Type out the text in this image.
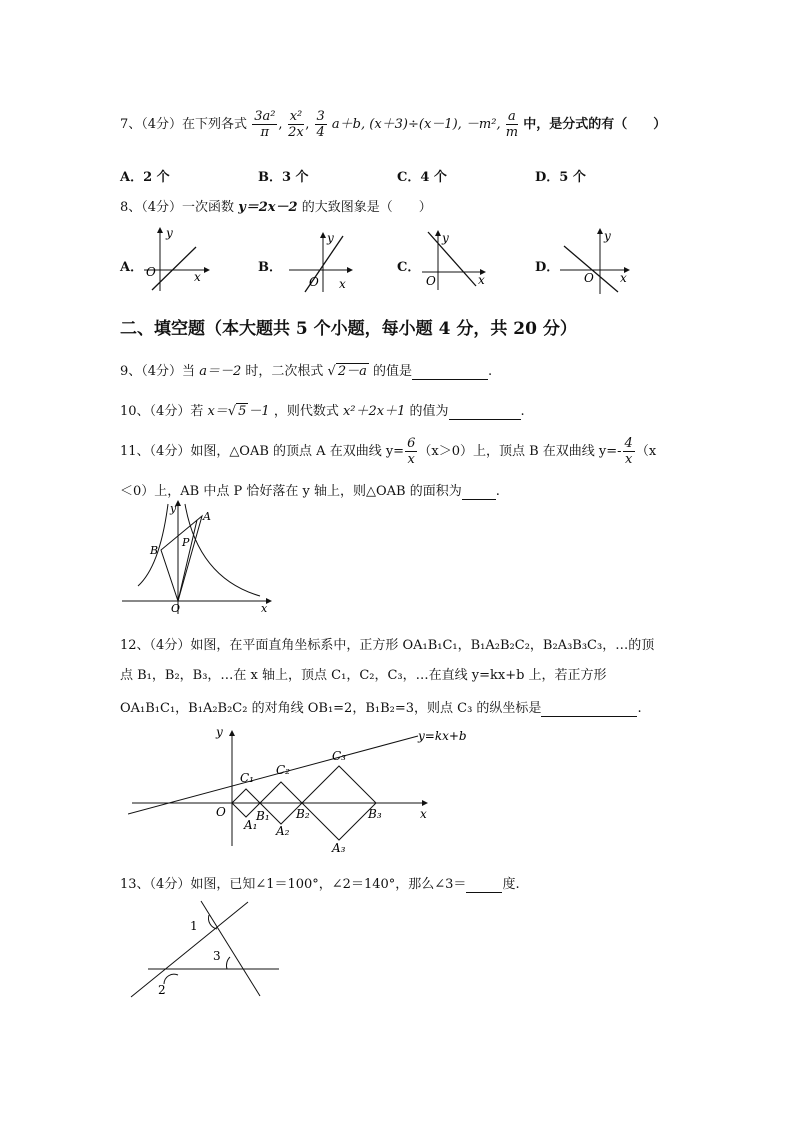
7、（4分）在下列各式 $\frac{\text{3a²}}{\pi}$ , $\frac{\text{x²}}{2x}$ , $\frac{3}{4} a+b$, (x＋3)÷(x－1), －m², $\frac{a}{m}$ 中，是分式的有（　　）
A．2 个	B．3 个	C．4 个	D．5 个
8、（4分）一次函数 y＝2x－2 的大致图象是（　　）
A．	B．	C．	D．
y
O	x
y
O x
y
O	x
y
O x
二、填空题（本大题共 5 个小题，每小题 4 分，共 20 分）
9、（4分）当 a＝－2 时，二次根式 √ 2－a 的值是	.
10、（4分）若 x＝√ 5 －1 ，则代数式 x²＋2x＋1 的值为	.
11、（4分）如图，△OAB 的顶点 A 在双曲线 $y= \frac{6}{x} (x>0)$上，顶点 B 在双曲线 $y=- \frac{4}{x} (x$
＜0）上，AB 中点 P 恰好落在 y 轴上，则△OAB 的面积为	.
y
x
O
A
B
P
12、（4分）如图，在平面直角坐标系中，正方形 OA₁B₁C₁，B₁A₂B₂C₂，B₂A₃B₃C₃，…的顶
点 B₁，B₂，B₃，…在 x 轴上，顶点 C₁，C₂，C₃，…在直线 y=kx+b 上，若正方形
OA₁B₁C₁，B₁A₂B₂C₂ 的对角线 OB₁=2，B₁B₂=3，则点 C₃ 的纵坐标是	.
y=kx+b
y
x
O
C₁
C₂
C₃
B₁ B₂	B₃
A₁ A₂
A₃
13、（4分）如图，已知∠1＝100°，∠2＝140°，那么∠3＝	度.
1
2
3
